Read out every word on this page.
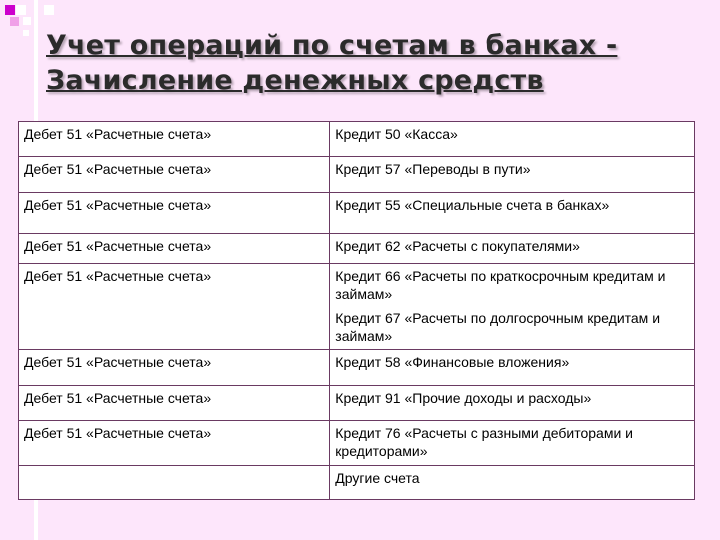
Учет операций по счетам в банках -
Зачисление денежных средств
Дебет 51 «Расчетные счета»	Кредит 50 «Касса»

Дебет 51 «Расчетные счета»	Кредит 57 «Переводы в пути»

Дебет 51 «Расчетные счета»	Кредит 55 «Специальные счета в банках»

Дебет 51 «Расчетные счета»	Кредит 62 «Расчеты с покупателями»

Дебет 51 «Расчетные счета»	Кредит 66 «Расчеты по краткосрочным кредитам и займам»
Кредит 67 «Расчеты по долгосрочным кредитам и займам»

Дебет 51 «Расчетные счета»	Кредит 58 «Финансовые вложения»

Дебет 51 «Расчетные счета»	Кредит 91 «Прочие доходы и расходы»

Дебет 51 «Расчетные счета»	Кредит 76 «Расчеты с разными дебиторами и кредиторами»

	Другие счета
